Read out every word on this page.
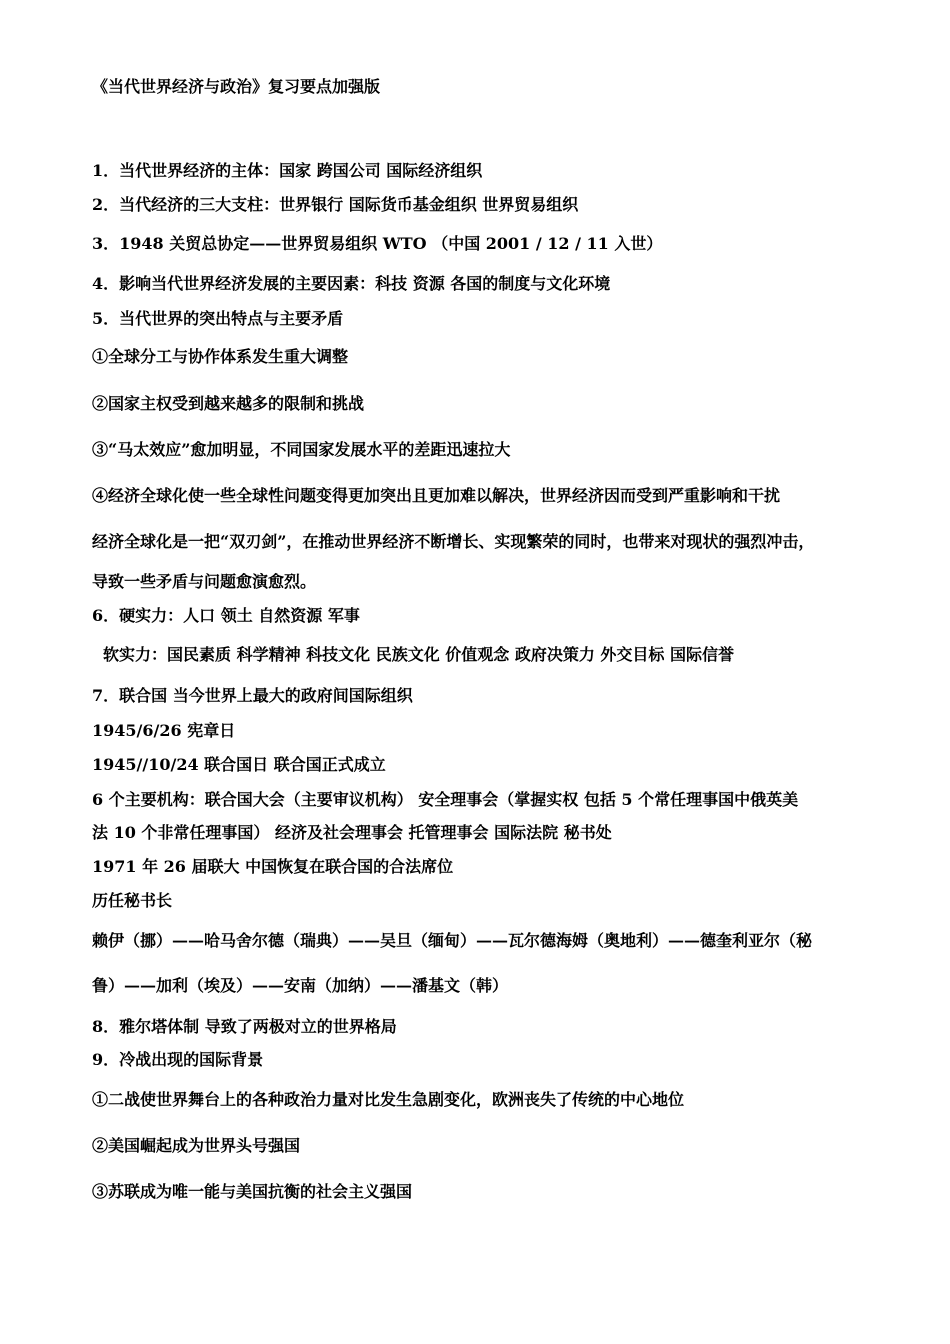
《当代世界经济与政治》复习要点加强版
1．当代世界经济的主体：国家 跨国公司 国际经济组织
2．当代经济的三大支柱：世界银行 国际货币基金组织 世界贸易组织
3．1948 关贸总协定——世界贸易组织 WTO （中国 2001 / 12 / 11 入世）
4．影响当代世界经济发展的主要因素：科技 资源 各国的制度与文化环境
5．当代世界的突出特点与主要矛盾
①全球分工与协作体系发生重大调整
②国家主权受到越来越多的限制和挑战
③“马太效应”愈加明显，不同国家发展水平的差距迅速拉大
④经济全球化使一些全球性问题变得更加突出且更加难以解决，世界经济因而受到严重影响和干扰
经济全球化是一把“双刃剑”，在推动世界经济不断增长、实现繁荣的同时，也带来对现状的强烈冲击，
导致一些矛盾与问题愈演愈烈。
6．硬实力：人口 领土 自然资源 军事
软实力：国民素质 科学精神 科技文化 民族文化 价值观念 政府决策力 外交目标 国际信誉
7．联合国 当今世界上最大的政府间国际组织
1945/6/26 宪章日
1945//10/24 联合国日 联合国正式成立
6 个主要机构：联合国大会（主要审议机构） 安全理事会（掌握实权 包括 5 个常任理事国中俄英美
法 10 个非常任理事国） 经济及社会理事会 托管理事会 国际法院 秘书处
1971 年 26 届联大 中国恢复在联合国的合法席位
历任秘书长
赖伊（挪）——哈马舍尔德（瑞典）——吴旦（缅甸）——瓦尔德海姆（奥地利）——德奎利亚尔（秘
鲁）——加利（埃及）——安南（加纳）——潘基文（韩）
8．雅尔塔体制 导致了两极对立的世界格局
9．冷战出现的国际背景
①二战使世界舞台上的各种政治力量对比发生急剧变化，欧洲丧失了传统的中心地位
②美国崛起成为世界头号强国
③苏联成为唯一能与美国抗衡的社会主义强国
